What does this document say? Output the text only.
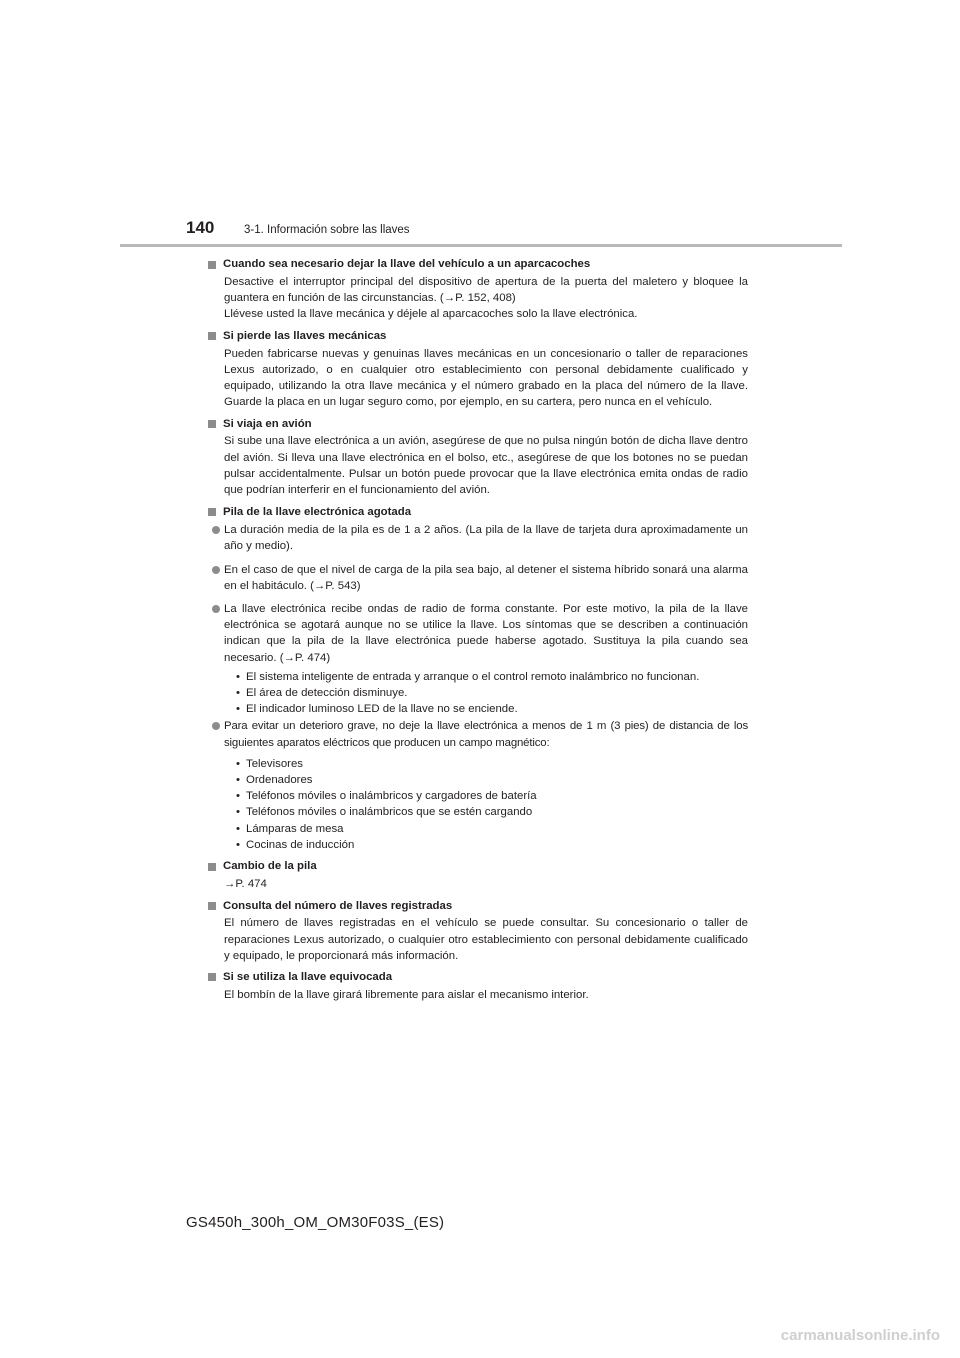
140	3-1. Información sobre las llaves
Cuando sea necesario dejar la llave del vehículo a un aparcacoches

Desactive el interruptor principal del dispositivo de apertura de la puerta del maletero y bloquee la guantera en función de las circunstancias. (→P. 152, 408)

Llévese usted la llave mecánica y déjele al aparcacoches solo la llave electrónica.

Si pierde las llaves mecánicas

Pueden fabricarse nuevas y genuinas llaves mecánicas en un concesionario o taller de reparaciones Lexus autorizado, o en cualquier otro establecimiento con personal debidamente cualificado y equipado, utilizando la otra llave mecánica y el número grabado en la placa del número de la llave. Guarde la placa en un lugar seguro como, por ejemplo, en su cartera, pero nunca en el vehículo.

Si viaja en avión

Si sube una llave electrónica a un avión, asegúrese de que no pulsa ningún botón de dicha llave dentro del avión. Si lleva una llave electrónica en el bolso, etc., asegúrese de que los botones no se puedan pulsar accidentalmente. Pulsar un botón puede provocar que la llave electrónica emita ondas de radio que podrían interferir en el funcionamiento del avión.

Pila de la llave electrónica agotada
La duración media de la pila es de 1 a 2 años. (La pila de la llave de tarjeta dura aproximadamente un año y medio).
En el caso de que el nivel de carga de la pila sea bajo, al detener el sistema híbrido sonará una alarma en el habitáculo. (→P. 543)
La llave electrónica recibe ondas de radio de forma constante. Por este motivo, la pila de la llave electrónica se agotará aunque no se utilice la llave. Los síntomas que se describen a continuación indican que la pila de la llave electrónica puede haberse agotado. Sustituya la pila cuando sea necesario. (→P. 474)
• El sistema inteligente de entrada y arranque o el control remoto inalámbrico no funcionan.
• El área de detección disminuye.
• El indicador luminoso LED de la llave no se enciende.
Para evitar un deterioro grave, no deje la llave electrónica a menos de 1 m (3 pies) de distancia de los siguientes aparatos eléctricos que producen un campo magnético:
• Televisores
• Ordenadores
• Teléfonos móviles o inalámbricos y cargadores de batería
• Teléfonos móviles o inalámbricos que se estén cargando
• Lámparas de mesa
• Cocinas de inducción
Cambio de la pila

→P. 474

Consulta del número de llaves registradas

El número de llaves registradas en el vehículo se puede consultar. Su concesionario o taller de reparaciones Lexus autorizado, o cualquier otro establecimiento con personal debidamente cualificado y equipado, le proporcionará más información.

Si se utiliza la llave equivocada

El bombín de la llave girará libremente para aislar el mecanismo interior.

GS450h_300h_OM_OM30F03S_(ES)
carmanualsonline.info
